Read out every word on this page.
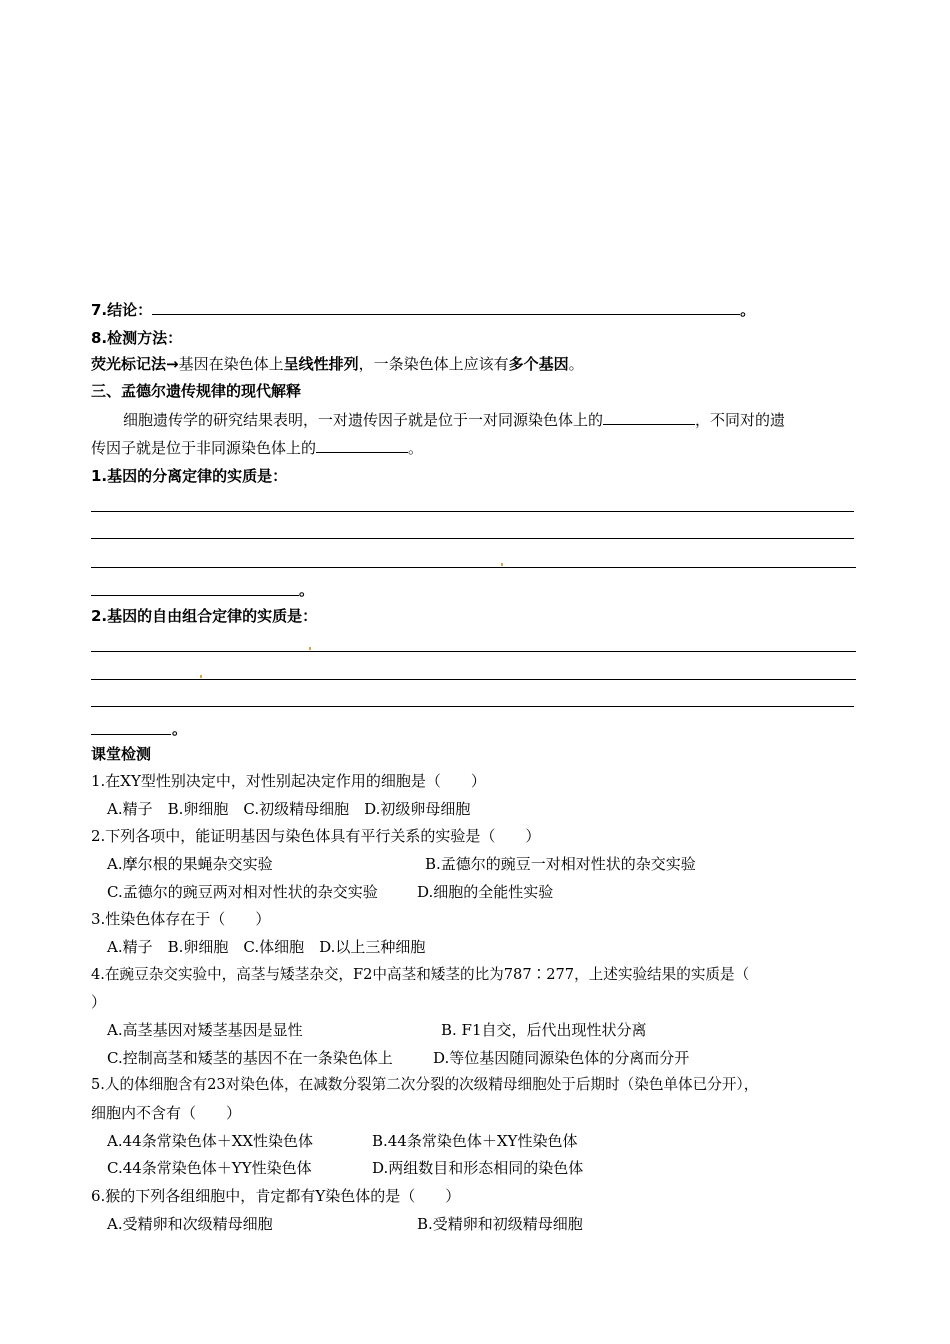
7.结论：	。
8.检测方法：
荧光标记法→基因在染色体上呈线性排列，一条染色体上应该有多个基因。
三、孟德尔遗传规律的现代解释
细胞遗传学的研究结果表明，一对遗传因子就是位于一对同源染色体上的	，不同对的遗
传因子就是位于非同源染色体上的	。
1.基因的分离定律的实质是：
。
2.基因的自由组合定律的实质是：
。
课堂检测
1.在XY型性别决定中，对性别起决定作用的细胞是（　　）
A.精子　B.卵细胞　C.初级精母细胞　D.初级卵母细胞
2.下列各项中，能证明基因与染色体具有平行关系的实验是（　　）
A.摩尔根的果蝇杂交实验	B.孟德尔的豌豆一对相对性状的杂交实验
C.孟德尔的豌豆两对相对性状的杂交实验	D.细胞的全能性实验
3.性染色体存在于（　　）
A.精子　B.卵细胞　C.体细胞　D.以上三种细胞
4.在豌豆杂交实验中，高茎与矮茎杂交，F2中高茎和矮茎的比为787∶277，上述实验结果的实质是（
）
A.高茎基因对矮茎基因是显性	B. F1自交，后代出现性状分离
C.控制高茎和矮茎的基因不在一条染色体上	D.等位基因随同源染色体的分离而分开
5.人的体细胞含有23对染色体，在减数分裂第二次分裂的次级精母细胞处于后期时（染色单体已分开），
细胞内不含有（　　）
A.44条常染色体＋XX性染色体	B.44条常染色体＋XY性染色体
C.44条常染色体＋YY性染色体	D.两组数目和形态相同的染色体
6.猴的下列各组细胞中，肯定都有Y染色体的是（　　）
A.受精卵和次级精母细胞	B.受精卵和初级精母细胞
